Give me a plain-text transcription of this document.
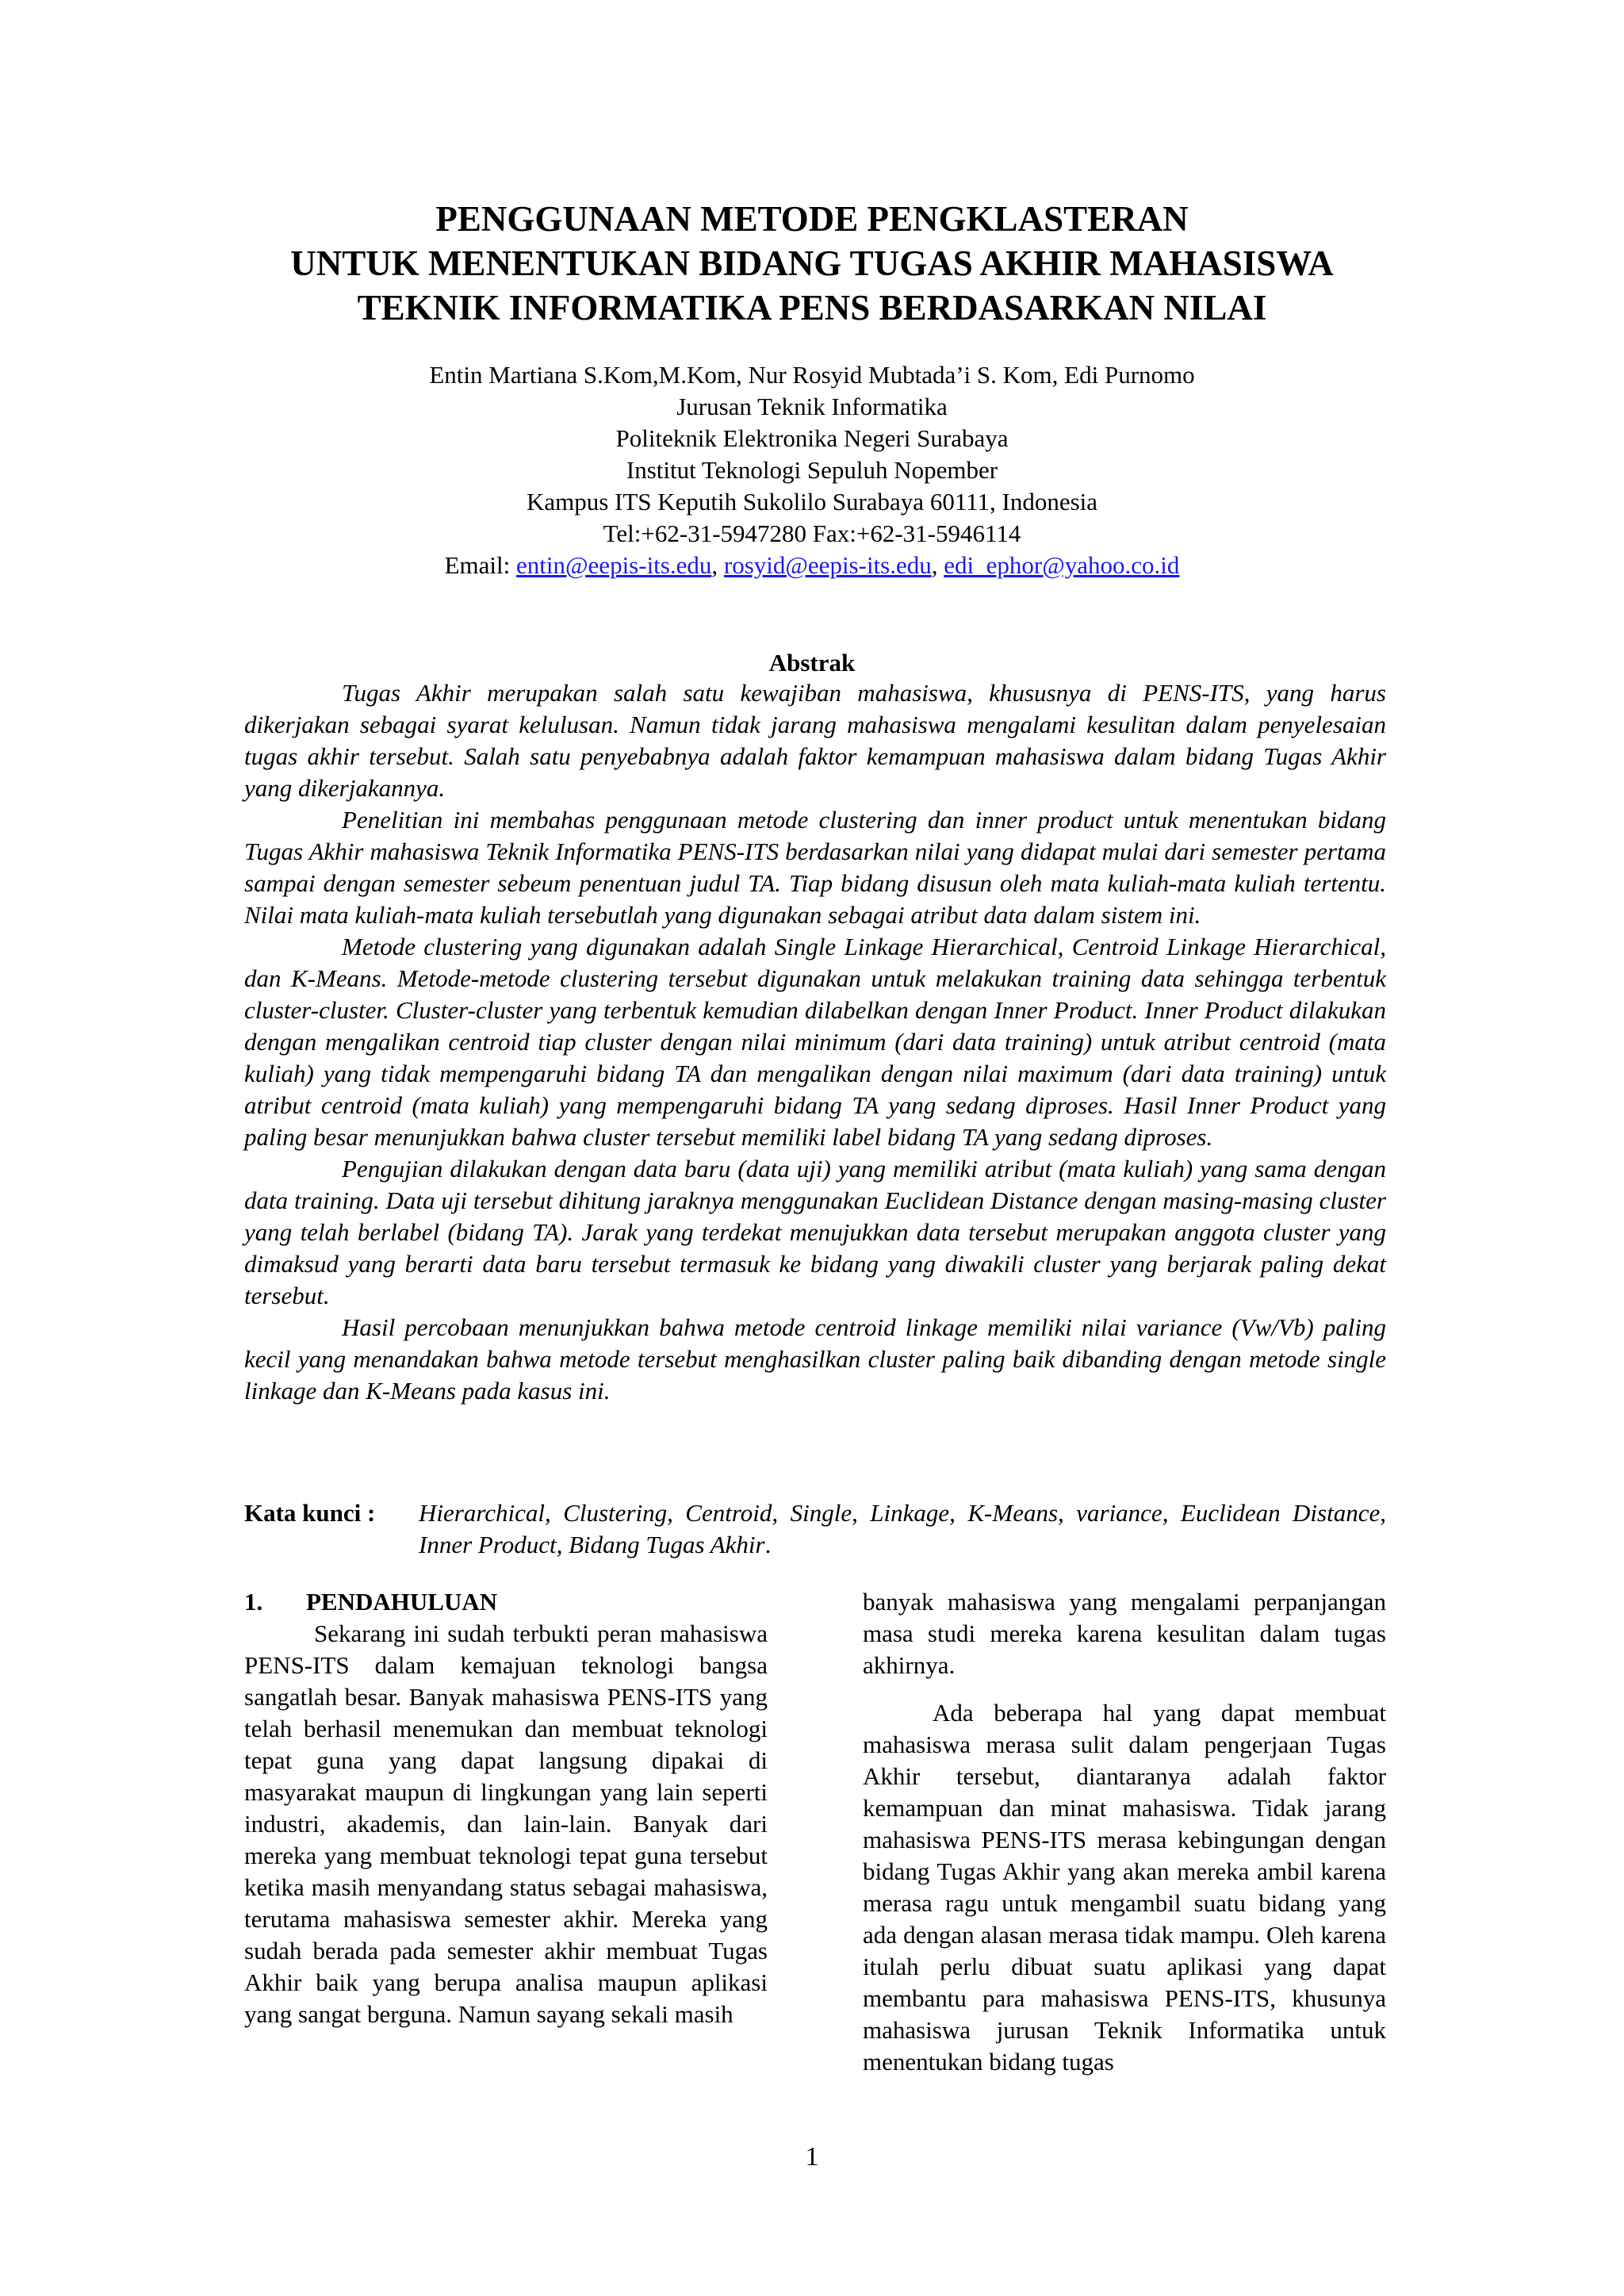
PENGGUNAAN METODE PENGKLASTERAN
UNTUK MENENTUKAN BIDANG TUGAS AKHIR MAHASISWA
TEKNIK INFORMATIKA PENS BERDASARKAN NILAI
Entin Martiana S.Kom,M.Kom, Nur Rosyid Mubtada’i S. Kom, Edi Purnomo
Jurusan Teknik Informatika
Politeknik Elektronika Negeri Surabaya
Institut Teknologi Sepuluh Nopember
Kampus ITS Keputih Sukolilo Surabaya 60111, Indonesia
Tel:+62-31-5947280 Fax:+62-31-5946114
Email: entin@eepis-its.edu, rosyid@eepis-its.edu, edi_ephor@yahoo.co.id
Abstrak

Tugas Akhir merupakan salah satu kewajiban mahasiswa, khususnya di PENS-ITS, yang harus dikerjakan sebagai syarat kelulusan. Namun tidak jarang mahasiswa mengalami kesulitan dalam penyelesaian tugas akhir tersebut. Salah satu penyebabnya adalah faktor kemampuan mahasiswa dalam bidang Tugas Akhir yang dikerjakannya.

Penelitian ini membahas penggunaan metode clustering dan inner product untuk menentukan bidang Tugas Akhir mahasiswa Teknik Informatika PENS-ITS berdasarkan nilai yang didapat mulai dari semester pertama sampai dengan semester sebeum penentuan judul TA. Tiap bidang disusun oleh mata kuliah-mata kuliah tertentu. Nilai mata kuliah-mata kuliah tersebutlah yang digunakan sebagai atribut data dalam sistem ini.

Metode clustering yang digunakan adalah Single Linkage Hierarchical, Centroid Linkage Hierarchical, dan K-Means. Metode-metode clustering tersebut digunakan untuk melakukan training data sehingga terbentuk cluster-cluster. Cluster-cluster yang terbentuk kemudian dilabelkan dengan Inner Product. Inner Product dilakukan dengan mengalikan centroid tiap cluster dengan nilai minimum (dari data training) untuk atribut centroid (mata kuliah) yang tidak mempengaruhi bidang TA dan mengalikan dengan nilai maximum (dari data training) untuk atribut centroid (mata kuliah) yang mempengaruhi bidang TA yang sedang diproses. Hasil Inner Product yang paling besar menunjukkan bahwa cluster tersebut memiliki label bidang TA yang sedang diproses.

Pengujian dilakukan dengan data baru (data uji) yang memiliki atribut (mata kuliah) yang sama dengan data training. Data uji tersebut dihitung jaraknya menggunakan Euclidean Distance dengan masing-masing cluster yang telah berlabel (bidang TA). Jarak yang terdekat menujukkan data tersebut merupakan anggota cluster yang dimaksud yang berarti data baru tersebut termasuk ke bidang yang diwakili cluster yang berjarak paling dekat tersebut.

Hasil percobaan menunjukkan bahwa metode centroid linkage memiliki nilai variance (Vw/Vb) paling kecil yang menandakan bahwa metode tersebut menghasilkan cluster paling baik dibanding dengan metode single linkage dan K-Means pada kasus ini.

Kata kunci :	Hierarchical, Clustering, Centroid, Single, Linkage, K-Means, variance, Euclidean Distance, Inner Product, Bidang Tugas Akhir.
1.	PENDAHULUAN

Sekarang ini sudah terbukti peran mahasiswa PENS-ITS dalam kemajuan teknologi bangsa sangatlah besar. Banyak mahasiswa PENS-ITS yang telah berhasil menemukan dan membuat teknologi tepat guna yang dapat langsung dipakai di masyarakat maupun di lingkungan yang lain seperti industri, akademis, dan lain-lain. Banyak dari mereka yang membuat teknologi tepat guna tersebut ketika masih menyandang status sebagai mahasiswa, terutama mahasiswa semester akhir. Mereka yang sudah berada pada semester akhir membuat Tugas Akhir baik yang berupa analisa maupun aplikasi yang sangat berguna. Namun sayang sekali masih

banyak mahasiswa yang mengalami perpanjangan masa studi mereka karena kesulitan dalam tugas akhirnya.

Ada beberapa hal yang dapat membuat mahasiswa merasa sulit dalam pengerjaan Tugas Akhir tersebut, diantaranya adalah faktor kemampuan dan minat mahasiswa. Tidak jarang mahasiswa PENS-ITS merasa kebingungan dengan bidang Tugas Akhir yang akan mereka ambil karena merasa ragu untuk mengambil suatu bidang yang ada dengan alasan merasa tidak mampu. Oleh karena itulah perlu dibuat suatu aplikasi yang dapat membantu para mahasiswa PENS-ITS, khusunya mahasiswa jurusan Teknik Informatika untuk menentukan bidang tugas

1
